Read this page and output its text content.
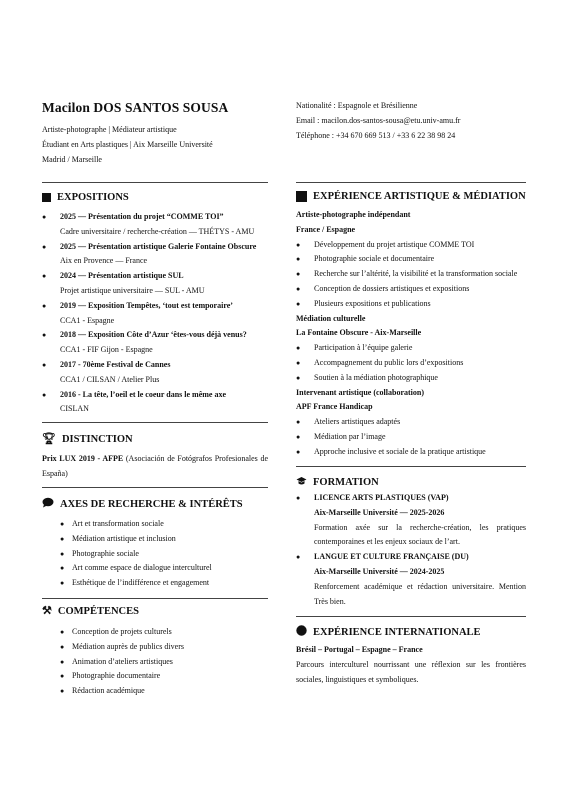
Macilon DOS SANTOS SOUSA
Artiste-photographe | Médiateur artistique
Étudiant en Arts plastiques | Aix Marseille Université
Madrid / Marseille
Nationalité : Espagnole et Brésilienne
Email : macilon.dos-santos-sousa@etu.univ-amu.fr
Téléphone : +34 670 669 513 / +33 6 22 38 98 24
EXPOSITIONS
● 2025 — Présentation du projet “COMME TOI”
Cadre universitaire / recherche-création — THÉTYS - AMU
● 2025 — Présentation artistique Galerie Fontaine Obscure
Aix en Provence — France
● 2024 — Présentation artistique SUL
Projet artistique universitaire — SUL - AMU
● 2019 — Exposition Tempêtes, ‘tout est temporaire’
CCA1 - Espagne
● 2018 — Exposition Côte d’Azur ‘êtes-vous déjà venus?
CCA1 - FIF Gijon - Espagne
● 2017 - 70ème Festival de Cannes
CCA1 / CILSAN / Atelier Plus
● 2016 - La tête, l’oeil et le coeur dans le même axe
CISLAN
🏆︎ DISTINCTION
Prix LUX 2019 - AFPE (Asociación de Fotógrafos Profesionales de España)
AXES DE RECHERCHE & INTÉRÊTS
● Art et transformation sociale
● Médiation artistique et inclusion
● Photographie sociale
● Art comme espace de dialogue interculturel
● Esthétique de l’indifférence et engagement
⚒ COMPÉTENCES
● Conception de projets culturels
● Médiation auprès de publics divers
● Animation d’ateliers artistiques
● Photographie documentaire
● Rédaction académique
EXPÉRIENCE ARTISTIQUE & MÉDIATION
Artiste-photographe indépendant
France / Espagne
● Développement du projet artistique COMME TOI
● Photographie sociale et documentaire
● Recherche sur l’altérité, la visibilité et la transformation sociale
● Conception de dossiers artistiques et expositions
● Plusieurs expositions et publications
Médiation culturelle
La Fontaine Obscure - Aix-Marseille
● Participation à l’équipe galerie
● Accompagnement du public lors d’expositions
● Soutien à la médiation photographique
Intervenant artistique (collaboration)
APF France Handicap
● Ateliers artistiques adaptés
● Médiation par l’image
● Approche inclusive et sociale de la pratique artistique
FORMATION
● LICENCE ARTS PLASTIQUES (VAP)
Aix-Marseille Université — 2025-2026
Formation axée sur la recherche-création, les pratiques contemporaines et les enjeux sociaux de l’art.
● LANGUE ET CULTURE FRANÇAISE (DU)
Aix-Marseille Université — 2024-2025
Renforcement académique et rédaction universitaire. Mention Très bien.
EXPÉRIENCE INTERNATIONALE
Brésil – Portugal – Espagne – France
Parcours interculturel nourrissant une réflexion sur les frontières sociales, linguistiques et symboliques.
